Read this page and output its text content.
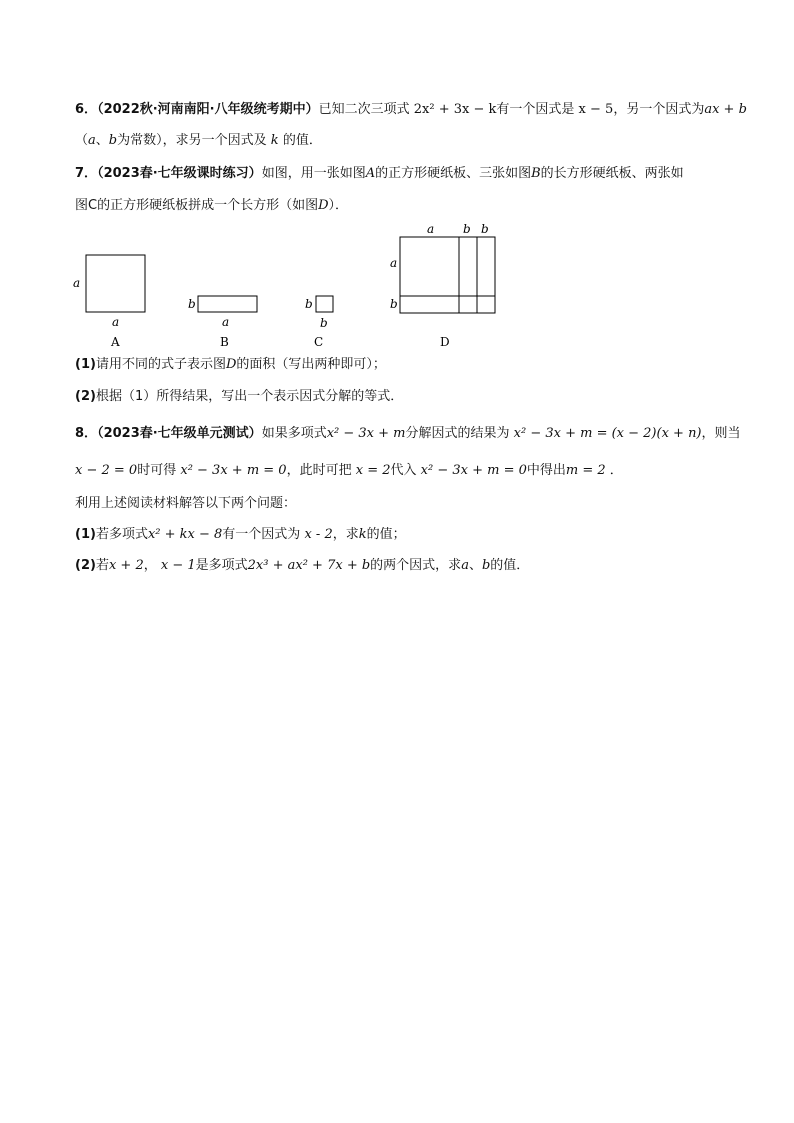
6．（2022秋·河南南阳·八年级统考期中）已知二次三项式 2x² + 3x − k有一个因式是 x − 5，另一个因式为ax + b
（a、b为常数），求另一个因式及 k 的值．
7．（2023春·七年级课时练习）如图，用一张如图A的正方形硬纸板、三张如图B的长方形硬纸板、两张如
图C的正方形硬纸板拼成一个长方形（如图D）．
a
a
A
b
a
B
b
b
C
a b b
a
b
D
(1)请用不同的式子表示图D的面积（写出两种即可）；
(2)根据（1）所得结果，写出一个表示因式分解的等式．
8．（2023春·七年级单元测试）如果多项式x² − 3x + m分解因式的结果为 x² − 3x + m = (x − 2)(x + n)，则当
x − 2 = 0时可得 x² − 3x + m = 0，此时可把 x = 2代入 x² − 3x + m = 0中得出m = 2 ．
利用上述阅读材料解答以下两个问题：
(1)若多项式x² + kx − 8有一个因式为 x - 2，求k的值；
(2)若x + 2， x − 1是多项式2x³ + ax² + 7x + b的两个因式，求a、b的值．
